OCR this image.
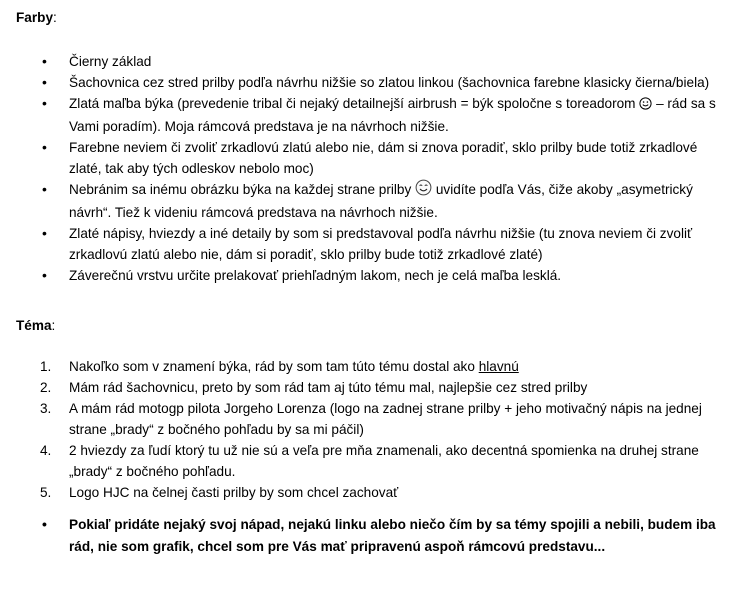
Farby:
•	Čierny základ
•	Šachovnica cez stred prilby podľa návrhu nižšie so zlatou linkou (šachovnica farebne klasicky čierna/biela)
•	Zlatá maľba býka (prevedenie tribal či nejaký detailnejší airbrush = býk spoločne s toreadorom  – rád sa s Vami poradím). Moja rámcová predstava je na návrhoch nižšie.
•	Farebne neviem či zvoliť zrkadlovú zlatú alebo nie, dám si znova poradiť, sklo prilby bude totiž zrkadlové zlaté, tak aby tých odleskov nebolo moc)
•	Nebránim sa inému obrázku býka na každej strane prilby  uvidíte podľa Vás, čiže akoby „asymetrický návrh“. Tiež k videniu rámcová predstava na návrhoch nižšie.
•	Zlaté nápisy, hviezdy a iné detaily by som si predstavoval podľa návrhu nižšie (tu znova neviem či zvoliť zrkadlovú zlatú alebo nie, dám si poradiť, sklo prilby bude totiž zrkadlové zlaté)
•	Záverečnú vrstvu určite prelakovať priehľadným lakom, nech je celá maľba lesklá.
Téma:
1. Nakoľko som v znamení býka, rád by som tam túto tému dostal ako hlavnú
2. Mám rád šachovnicu, preto by som rád tam aj túto tému mal, najlepšie cez stred prilby
3. A mám rád motogp pilota Jorgeho Lorenza (logo na zadnej strane prilby + jeho motivačný nápis na jednej strane „brady“ z bočného pohľadu by sa mi páčil)
4. 2 hviezdy za ľudí ktorý tu už nie sú a veľa pre mňa znamenali, ako decentná spomienka na druhej strane „brady“ z bočného pohľadu.
5. Logo HJC na čelnej časti prilby by som chcel zachovať
•	Pokiaľ pridáte nejaký svoj nápad, nejakú linku alebo niečo čím by sa témy spojili a nebili, budem iba rád, nie som grafik, chcel som pre Vás mať pripravenú aspoň rámcovú predstavu...
